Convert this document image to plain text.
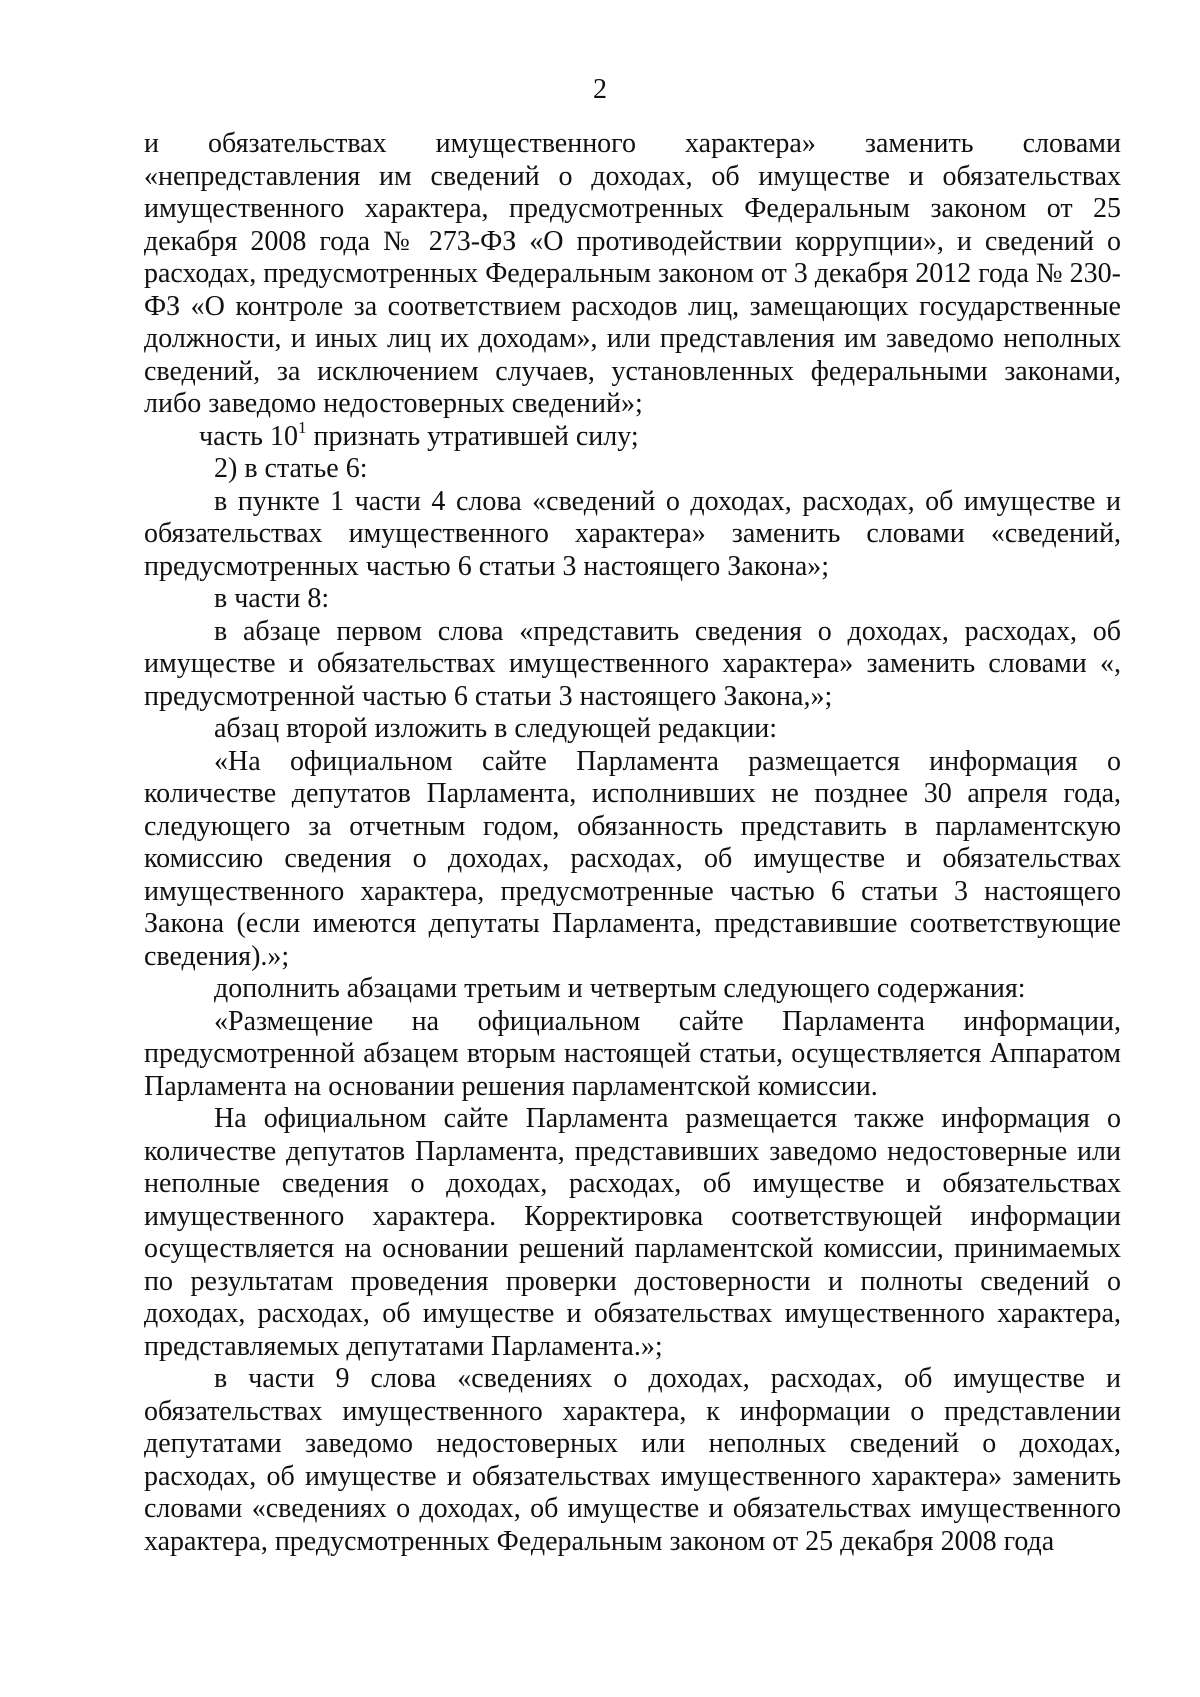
2

и обязательствах имущественного характера» заменить словами «непредставления им сведений о доходах, об имуществе и обязательствах имущественного характера, предусмотренных Федеральным законом от 25 декабря 2008 года № 273-ФЗ «О противодействии коррупции», и сведений о расходах, предусмотренных Федеральным законом от 3 декабря 2012 года № 230-ФЗ «О контроле за соответствием расходов лиц, замещающих государственные должности, и иных лиц их доходам», или представления им заведомо неполных сведений, за исключением случаев, установленных федеральными законами, либо заведомо недостоверных сведений»;

часть $10^1$ признать утратившей силу;

2) в статье 6:

в пункте 1 части 4 слова «сведений о доходах, расходах, об имуществе и обязательствах имущественного характера» заменить словами «сведений, предусмотренных частью 6 статьи 3 настоящего Закона»;

в части 8:

в абзаце первом слова «представить сведения о доходах, расходах, об имуществе и обязательствах имущественного характера» заменить словами «, предусмотренной частью 6 статьи 3 настоящего Закона,»;

абзац второй изложить в следующей редакции:

«На официальном сайте Парламента размещается информация о количестве депутатов Парламента, исполнивших не позднее 30 апреля года, следующего за отчетным годом, обязанность представить в парламентскую комиссию сведения о доходах, расходах, об имуществе и обязательствах имущественного характера, предусмотренные частью 6 статьи 3 настоящего Закона (если имеются депутаты Парламента, представившие соответствующие сведения).»;

дополнить абзацами третьим и четвертым следующего содержания:

«Размещение на официальном сайте Парламента информации, предусмотренной абзацем вторым настоящей статьи, осуществляется Аппаратом Парламента на основании решения парламентской комиссии.

На официальном сайте Парламента размещается также информация о количестве депутатов Парламента, представивших заведомо недостоверные или неполные сведения о доходах, расходах, об имуществе и обязательствах имущественного характера. Корректировка соответствующей информации осуществляется на основании решений парламентской комиссии, принимаемых по результатам проведения проверки достоверности и полноты сведений о доходах, расходах, об имуществе и обязательствах имущественного характера, представляемых депутатами Парламента.»;

в части 9 слова «сведениях о доходах, расходах, об имуществе и обязательствах имущественного характера, к информации о представлении депутатами заведомо недостоверных или неполных сведений о доходах, расходах, об имуществе и обязательствах имущественного характера» заменить словами «сведениях о доходах, об имуществе и обязательствах имущественного характера, предусмотренных Федеральным законом от 25 декабря 2008 года
